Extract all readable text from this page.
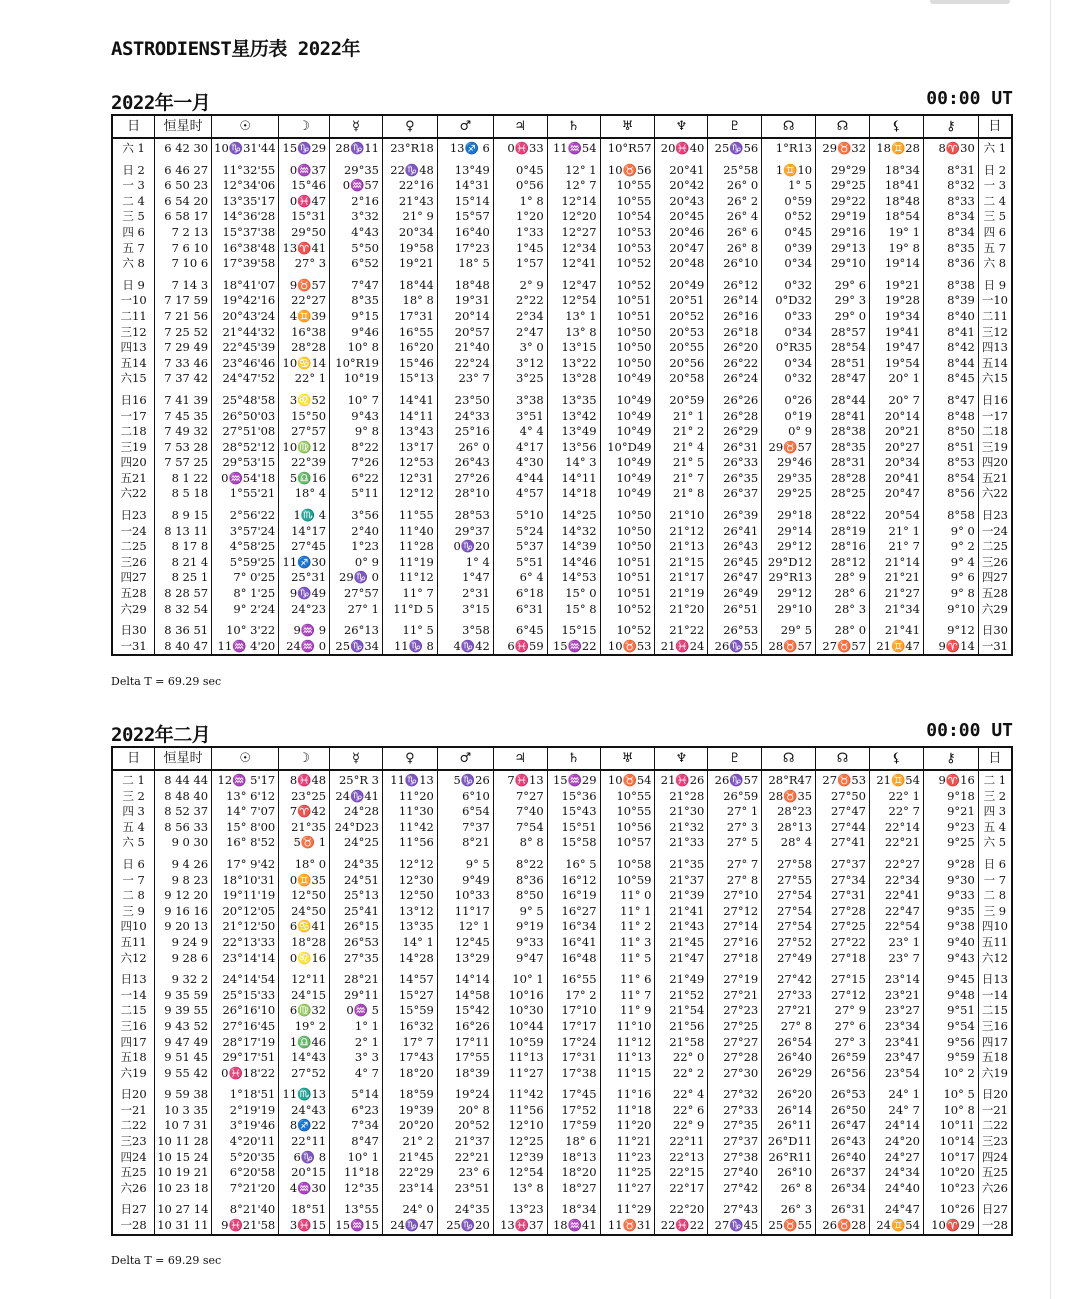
ASTRODIENST星历表 2022年
2022年一月	00:00 UT
日	恒星时	☉	☽	☿	♀	♂	♃	♄	♅	♆	♇	☊	☊	⚸	⚷	日
六 1	6 42 30	10♑31'44	15♑29	28♑11	23°R18	13♐ 6	0♓33	11♒54	10°R57	20♓40	25♑56	1°R13	29♉32	18♊28	8♈30	六 1
日 2	6 46 27	11°32'55	0♒37	29°35	22♑48	13°49	0°45	12° 1	10♉56	20°41	25°58	1♊10	29°29	18°34	8°31	日 2
一 3	6 50 23	12°34'06	15°46	0♒57	22°16	14°31	0°56	12° 7	10°55	20°42	26° 0	1° 5	29°25	18°41	8°32	一 3
二 4	6 54 20	13°35'17	0♓47	2°16	21°43	15°14	1° 8	12°14	10°55	20°43	26° 2	0°59	29°22	18°48	8°33	二 4
三 5	6 58 17	14°36'28	15°31	3°32	21° 9	15°57	1°20	12°20	10°54	20°45	26° 4	0°52	29°19	18°54	8°34	三 5
四 6	7 2 13	15°37'38	29°50	4°43	20°34	16°40	1°33	12°27	10°53	20°46	26° 6	0°45	29°16	19° 1	8°34	四 6
五 7	7 6 10	16°38'48	13♈41	5°50	19°58	17°23	1°45	12°34	10°53	20°47	26° 8	0°39	29°13	19° 8	8°35	五 7
六 8	7 10 6	17°39'58	27° 3	6°52	19°21	18° 5	1°57	12°41	10°52	20°48	26°10	0°34	29°10	19°14	8°36	六 8
日 9	7 14 3	18°41'07	9♉57	7°47	18°44	18°48	2° 9	12°47	10°52	20°49	26°12	0°32	29° 6	19°21	8°38	日 9
一10	7 17 59	19°42'16	22°27	8°35	18° 8	19°31	2°22	12°54	10°51	20°51	26°14	0°D32	29° 3	19°28	8°39	一10
二11	7 21 56	20°43'24	4♊39	9°15	17°31	20°14	2°34	13° 1	10°51	20°52	26°16	0°33	29° 0	19°34	8°40	二11
三12	7 25 52	21°44'32	16°38	9°46	16°55	20°57	2°47	13° 8	10°50	20°53	26°18	0°34	28°57	19°41	8°41	三12
四13	7 29 49	22°45'39	28°28	10° 8	16°20	21°40	3° 0	13°15	10°50	20°55	26°20	0°R35	28°54	19°47	8°42	四13
五14	7 33 46	23°46'46	10♋14	10°R19	15°46	22°24	3°12	13°22	10°50	20°56	26°22	0°34	28°51	19°54	8°44	五14
六15	7 37 42	24°47'52	22° 1	10°19	15°13	23° 7	3°25	13°28	10°49	20°58	26°24	0°32	28°47	20° 1	8°45	六15
日16	7 41 39	25°48'58	3♌52	10° 7	14°41	23°50	3°38	13°35	10°49	20°59	26°26	0°26	28°44	20° 7	8°47	日16
一17	7 45 35	26°50'03	15°50	9°43	14°11	24°33	3°51	13°42	10°49	21° 1	26°28	0°19	28°41	20°14	8°48	一17
二18	7 49 32	27°51'08	27°57	9° 8	13°43	25°16	4° 4	13°49	10°49	21° 2	26°29	0° 9	28°38	20°21	8°50	二18
三19	7 53 28	28°52'12	10♍12	8°22	13°17	26° 0	4°17	13°56	10°D49	21° 4	26°31	29♉57	28°35	20°27	8°51	三19
四20	7 57 25	29°53'15	22°39	7°26	12°53	26°43	4°30	14° 3	10°49	21° 5	26°33	29°46	28°31	20°34	8°53	四20
五21	8 1 22	0♒54'18	5♎16	6°22	12°31	27°26	4°44	14°11	10°49	21° 7	26°35	29°35	28°28	20°41	8°54	五21
六22	8 5 18	1°55'21	18° 4	5°11	12°12	28°10	4°57	14°18	10°49	21° 8	26°37	29°25	28°25	20°47	8°56	六22
日23	8 9 15	2°56'22	1♏ 4	3°56	11°55	28°53	5°10	14°25	10°50	21°10	26°39	29°18	28°22	20°54	8°58	日23
一24	8 13 11	3°57'24	14°17	2°40	11°40	29°37	5°24	14°32	10°50	21°12	26°41	29°14	28°19	21° 1	9° 0	一24
二25	8 17 8	4°58'25	27°45	1°23	11°28	0♑20	5°37	14°39	10°50	21°13	26°43	29°12	28°16	21° 7	9° 2	二25
三26	8 21 4	5°59'25	11♐30	0° 9	11°19	1° 4	5°51	14°46	10°51	21°15	26°45	29°D12	28°12	21°14	9° 4	三26
四27	8 25 1	7° 0'25	25°31	29♑ 0	11°12	1°47	6° 4	14°53	10°51	21°17	26°47	29°R13	28° 9	21°21	9° 6	四27
五28	8 28 57	8° 1'25	9♑49	27°57	11° 7	2°31	6°18	15° 0	10°51	21°19	26°49	29°12	28° 6	21°27	9° 8	五28
六29	8 32 54	9° 2'24	24°23	27° 1	11°D 5	3°15	6°31	15° 8	10°52	21°20	26°51	29°10	28° 3	21°34	9°10	六29
日30	8 36 51	10° 3'22	9♒ 9	26°13	11° 5	3°58	6°45	15°15	10°52	21°22	26°53	29° 5	28° 0	21°41	9°12	日30
一31	8 40 47	11♒ 4'20	24♒ 0	25♑34	11♑ 8	4♑42	6♓59	15♒22	10♉53	21♓24	26♑55	28♉57	27♉57	21♊47	9♈14	一31
Delta T = 69.29 sec
2022年二月	00:00 UT
日	恒星时	☉	☽	☿	♀	♂	♃	♄	♅	♆	♇	☊	☊	⚸	⚷	日
二 1	8 44 44	12♒ 5'17	8♓48	25°R 3	11♑13	5♑26	7♓13	15♒29	10♉54	21♓26	26♑57	28°R47	27♉53	21♊54	9♈16	二 1
三 2	8 48 40	13° 6'12	23°25	24♑41	11°20	6°10	7°27	15°36	10°55	21°28	26°59	28♉35	27°50	22° 1	9°18	三 2
四 3	8 52 37	14° 7'07	7♈42	24°28	11°30	6°54	7°40	15°43	10°55	21°30	27° 1	28°23	27°47	22° 7	9°21	四 3
五 4	8 56 33	15° 8'00	21°35	24°D23	11°42	7°37	7°54	15°51	10°56	21°32	27° 3	28°13	27°44	22°14	9°23	五 4
六 5	9 0 30	16° 8'52	5♉ 1	24°25	11°56	8°21	8° 8	15°58	10°57	21°33	27° 5	28° 4	27°41	22°21	9°25	六 5
日 6	9 4 26	17° 9'42	18° 0	24°35	12°12	9° 5	8°22	16° 5	10°58	21°35	27° 7	27°58	27°37	22°27	9°28	日 6
一 7	9 8 23	18°10'31	0♊35	24°51	12°30	9°49	8°36	16°12	10°59	21°37	27° 8	27°55	27°34	22°34	9°30	一 7
二 8	9 12 20	19°11'19	12°50	25°13	12°50	10°33	8°50	16°19	11° 0	21°39	27°10	27°54	27°31	22°41	9°33	二 8
三 9	9 16 16	20°12'05	24°50	25°41	13°12	11°17	9° 5	16°27	11° 1	21°41	27°12	27°54	27°28	22°47	9°35	三 9
四10	9 20 13	21°12'50	6♋41	26°15	13°35	12° 1	9°19	16°34	11° 2	21°43	27°14	27°54	27°25	22°54	9°38	四10
五11	9 24 9	22°13'33	18°28	26°53	14° 1	12°45	9°33	16°41	11° 3	21°45	27°16	27°52	27°22	23° 1	9°40	五11
六12	9 28 6	23°14'14	0♌16	27°35	14°28	13°29	9°47	16°48	11° 5	21°47	27°18	27°49	27°18	23° 7	9°43	六12
日13	9 32 2	24°14'54	12°11	28°21	14°57	14°14	10° 1	16°55	11° 6	21°49	27°19	27°42	27°15	23°14	9°45	日13
一14	9 35 59	25°15'33	24°15	29°11	15°27	14°58	10°16	17° 2	11° 7	21°52	27°21	27°33	27°12	23°21	9°48	一14
二15	9 39 55	26°16'10	6♍32	0♒ 5	15°59	15°42	10°30	17°10	11° 9	21°54	27°23	27°21	27° 9	23°27	9°51	二15
三16	9 43 52	27°16'45	19° 2	1° 1	16°32	16°26	10°44	17°17	11°10	21°56	27°25	27° 8	27° 6	23°34	9°54	三16
四17	9 47 49	28°17'19	1♎46	2° 1	17° 7	17°11	10°59	17°24	11°12	21°58	27°27	26°54	27° 3	23°41	9°56	四17
五18	9 51 45	29°17'51	14°43	3° 3	17°43	17°55	11°13	17°31	11°13	22° 0	27°28	26°40	26°59	23°47	9°59	五18
六19	9 55 42	0♓18'22	27°52	4° 7	18°20	18°39	11°27	17°38	11°15	22° 2	27°30	26°29	26°56	23°54	10° 2	六19
日20	9 59 38	1°18'51	11♏13	5°14	18°59	19°24	11°42	17°45	11°16	22° 4	27°32	26°20	26°53	24° 1	10° 5	日20
一21	10 3 35	2°19'19	24°43	6°23	19°39	20° 8	11°56	17°52	11°18	22° 6	27°33	26°14	26°50	24° 7	10° 8	一21
二22	10 7 31	3°19'46	8♐22	7°34	20°20	20°52	12°10	17°59	11°20	22° 9	27°35	26°11	26°47	24°14	10°11	二22
三23	10 11 28	4°20'11	22°11	8°47	21° 2	21°37	12°25	18° 6	11°21	22°11	27°37	26°D11	26°43	24°20	10°14	三23
四24	10 15 24	5°20'35	6♑ 8	10° 1	21°45	22°21	12°39	18°13	11°23	22°13	27°38	26°R11	26°40	24°27	10°17	四24
五25	10 19 21	6°20'58	20°15	11°18	22°29	23° 6	12°54	18°20	11°25	22°15	27°40	26°10	26°37	24°34	10°20	五25
六26	10 23 18	7°21'20	4♒30	12°35	23°14	23°51	13° 8	18°27	11°27	22°17	27°42	26° 8	26°34	24°40	10°23	六26
日27	10 27 14	8°21'40	18°51	13°55	24° 0	24°35	13°23	18°34	11°29	22°20	27°43	26° 3	26°31	24°47	10°26	日27
一28	10 31 11	9♓21'58	3♓15	15♒15	24♑47	25♑20	13♓37	18♒41	11♉31	22♓22	27♑45	25♉55	26♉28	24♊54	10♈29	一28
Delta T = 69.29 sec
